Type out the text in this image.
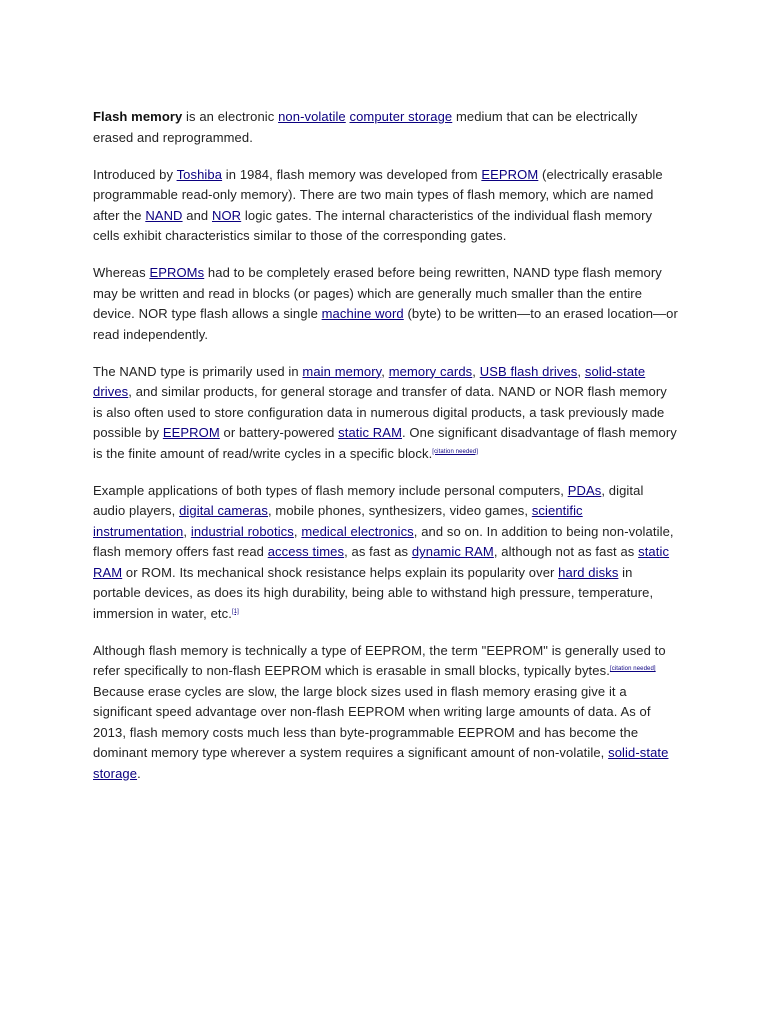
Flash memory is an electronic non-volatile computer storage medium that can be electrically erased and reprogrammed.

Introduced by Toshiba in 1984, flash memory was developed from EEPROM (electrically erasable programmable read-only memory). There are two main types of flash memory, which are named after the NAND and NOR logic gates. The internal characteristics of the individual flash memory cells exhibit characteristics similar to those of the corresponding gates.

Whereas EPROMs had to be completely erased before being rewritten, NAND type flash memory may be written and read in blocks (or pages) which are generally much smaller than the entire device. NOR type flash allows a single machine word (byte) to be written—to an erased location—or read independently.

The NAND type is primarily used in main memory, memory cards, USB flash drives, solid-state drives, and similar products, for general storage and transfer of data. NAND or NOR flash memory is also often used to store configuration data in numerous digital products, a task previously made possible by EEPROM or battery-powered static RAM. One significant disadvantage of flash memory is the finite amount of read/write cycles in a specific block.[citation needed]

Example applications of both types of flash memory include personal computers, PDAs, digital audio players, digital cameras, mobile phones, synthesizers, video games, scientific instrumentation, industrial robotics, medical electronics, and so on. In addition to being non-volatile, flash memory offers fast read access times, as fast as dynamic RAM, although not as fast as static RAM or ROM. Its mechanical shock resistance helps explain its popularity over hard disks in portable devices, as does its high durability, being able to withstand high pressure, temperature, immersion in water, etc.[1]

Although flash memory is technically a type of EEPROM, the term "EEPROM" is generally used to refer specifically to non-flash EEPROM which is erasable in small blocks, typically bytes.[citation needed] Because erase cycles are slow, the large block sizes used in flash memory erasing give it a significant speed advantage over non-flash EEPROM when writing large amounts of data. As of 2013, flash memory costs much less than byte-programmable EEPROM and has become the dominant memory type wherever a system requires a significant amount of non-volatile, solid-state storage.
